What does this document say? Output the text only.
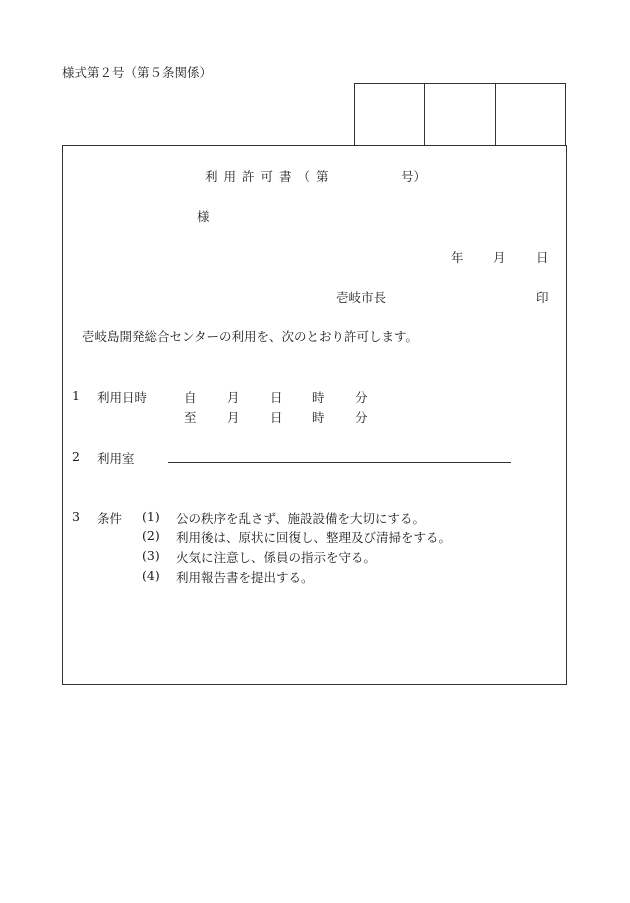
様式第２号（第５条関係）
利用許可書（第	号）
様
年 月 日
壱岐市長	印
壱岐島開発総合センターの利用を、次のとおり許可します。
1 利用日時	自 月 日 時 分
至 月 日 時 分
2 利用室
3 条件 (1) 公の秩序を乱さず、施設設備を大切にする。
(2) 利用後は、原状に回復し、整理及び清掃をする。
(3) 火気に注意し、係員の指示を守る。
(4) 利用報告書を提出する。
